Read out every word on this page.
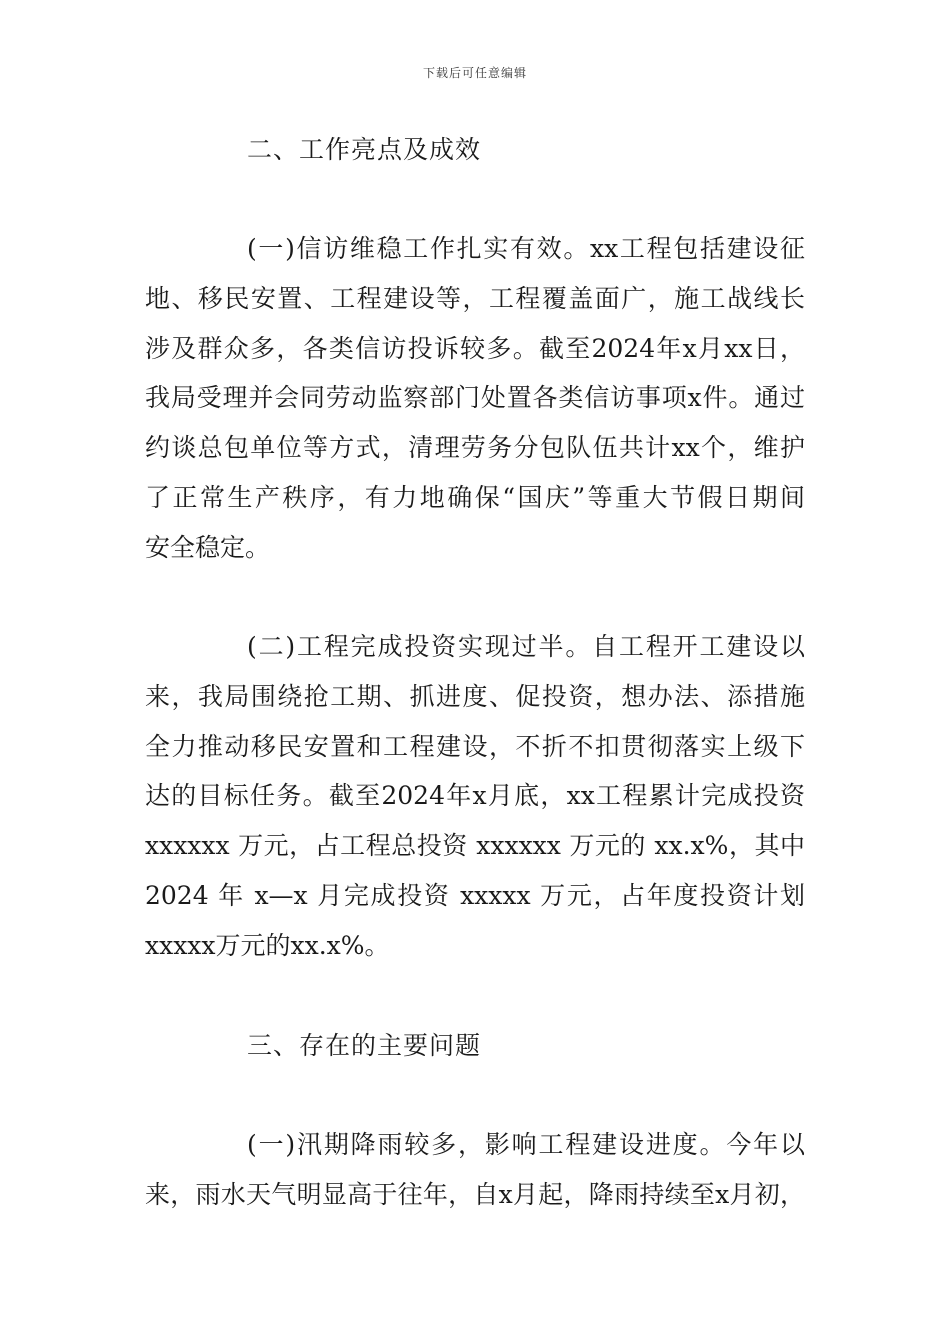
下载后可任意编辑
二、工作亮点及成效
(一)信访维稳工作扎实有效。xx工程包括建设征
地、移民安置、工程建设等，工程覆盖面广，施工战线长
涉及群众多，各类信访投诉较多。截至2024年x月xx日，
我局受理并会同劳动监察部门处置各类信访事项x件。通过
约谈总包单位等方式，清理劳务分包队伍共计xx个，维护
了正常生产秩序，有力地确保“国庆”等重大节假日期间
安全稳定。
(二)工程完成投资实现过半。自工程开工建设以
来，我局围绕抢工期、抓进度、促投资，想办法、添措施
全力推动移民安置和工程建设，不折不扣贯彻落实上级下
达的目标任务。截至2024年x月底，xx工程累计完成投资
xxxxxx 万元，占工程总投资 xxxxxx 万元的 xx.x%，其中
2024 年 x—x 月完成投资 xxxxx 万元，占年度投资计划
xxxxx万元的xx.x%。
三、存在的主要问题
(一)汛期降雨较多，影响工程建设进度。今年以
来，雨水天气明显高于往年，自x月起，降雨持续至x月初，
